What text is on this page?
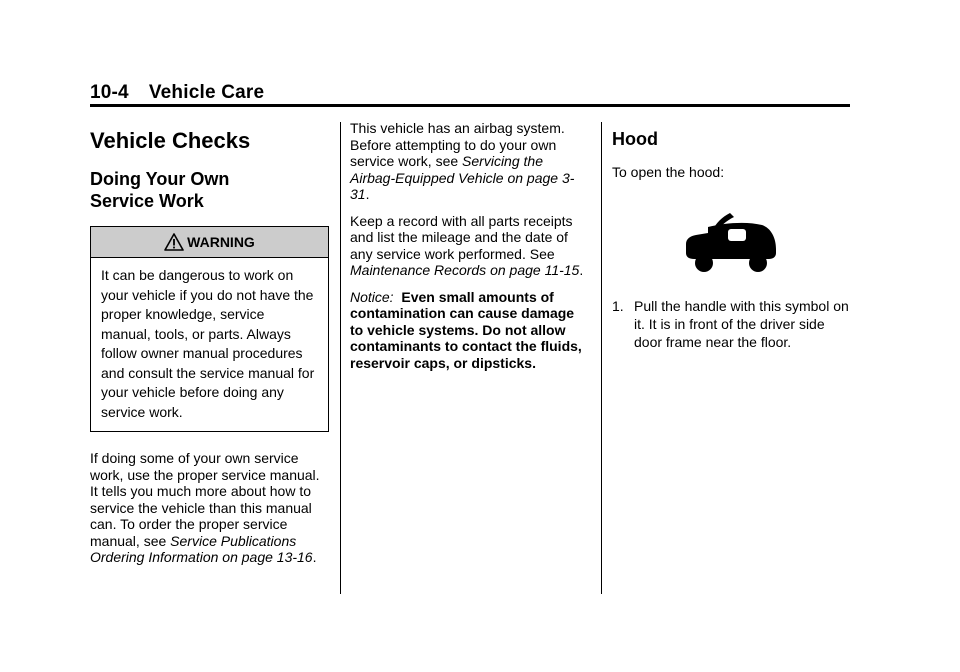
10-4 Vehicle Care
Vehicle Checks
Doing Your Own
Service Work
WARNING
It can be dangerous to work on your vehicle if you do not have the proper knowledge, service manual, tools, or parts. Always follow owner manual procedures and consult the service manual for your vehicle before doing any service work.

If doing some of your own service work, use the proper service manual. It tells you much more about how to service the vehicle than this manual can. To order the proper service manual, see Service Publications Ordering Information on page 13-16.

This vehicle has an airbag system. Before attempting to do your own service work, see Servicing the Airbag-Equipped Vehicle on page 3-31.

Keep a record with all parts receipts and list the mileage and the date of any service work performed. See Maintenance Records on page 11-15.

Notice: Even small amounts of contamination can cause damage to vehicle systems. Do not allow contaminants to contact the fluids, reservoir caps, or dipsticks.

Hood

To open the hood:

1. Pull the handle with this symbol on it. It is in front of the driver side door frame near the floor.
